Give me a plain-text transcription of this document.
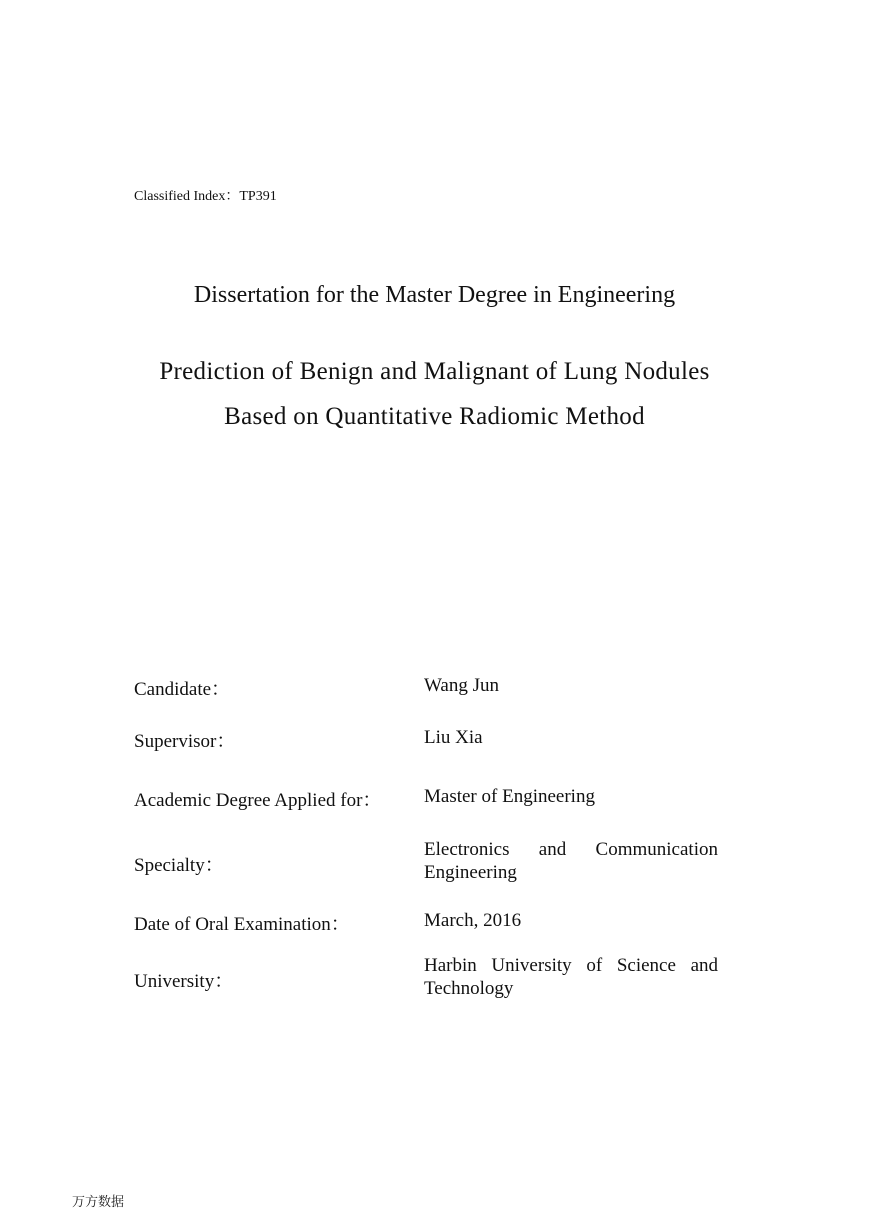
Classified Index：TP391
Dissertation for the Master Degree in Engineering
Prediction of Benign and Malignant of Lung Nodules
Based on Quantitative Radiomic Method
Candidate：	Wang Jun
Supervisor：	Liu Xia
Academic Degree Applied for： Master of Engineering
Specialty：
Electronics and Communication Engineering
Date of Oral Examination：	March, 2016
University：
Harbin University of Science and Technology
万方数据
